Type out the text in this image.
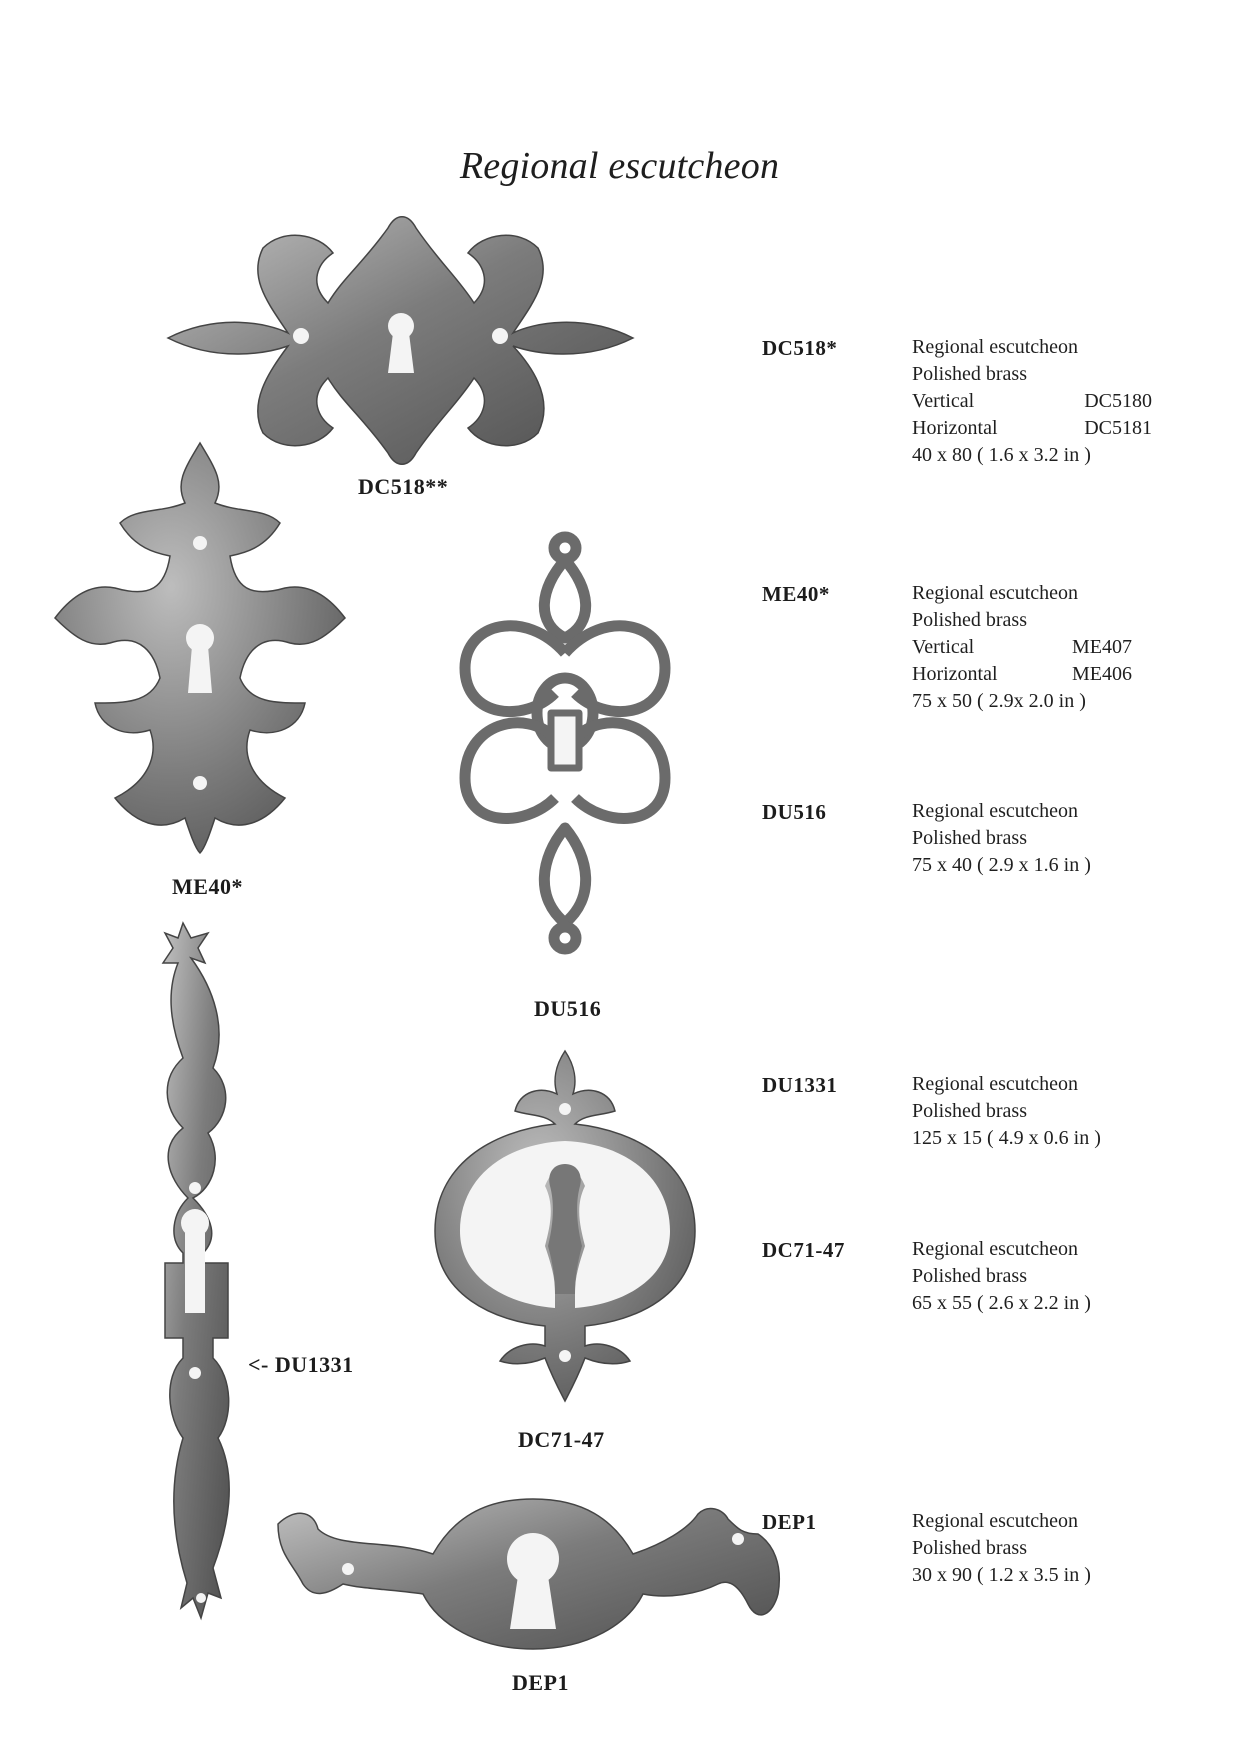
Regional escutcheon
DC518**
ME40*
DU516
<- DU1331
DC71-47
DEP1
DC518*	Regional escutcheon
Polished brass
Vertical	DC5180
Horizontal	DC5181
40 x 80 ( 1.6 x 3.2 in )
ME40*	Regional escutcheon
Polished brass
Vertical	ME407
Horizontal	ME406
75 x 50 ( 2.9x 2.0 in )
DU516	Regional escutcheon
Polished brass
75 x 40 ( 2.9 x 1.6 in )
DU1331	Regional escutcheon
Polished brass
125 x 15 ( 4.9 x 0.6 in )
DC71-47	Regional escutcheon
Polished brass
65 x 55 ( 2.6 x 2.2 in )
DEP1	Regional escutcheon
Polished brass
30 x 90 ( 1.2 x 3.5 in )
